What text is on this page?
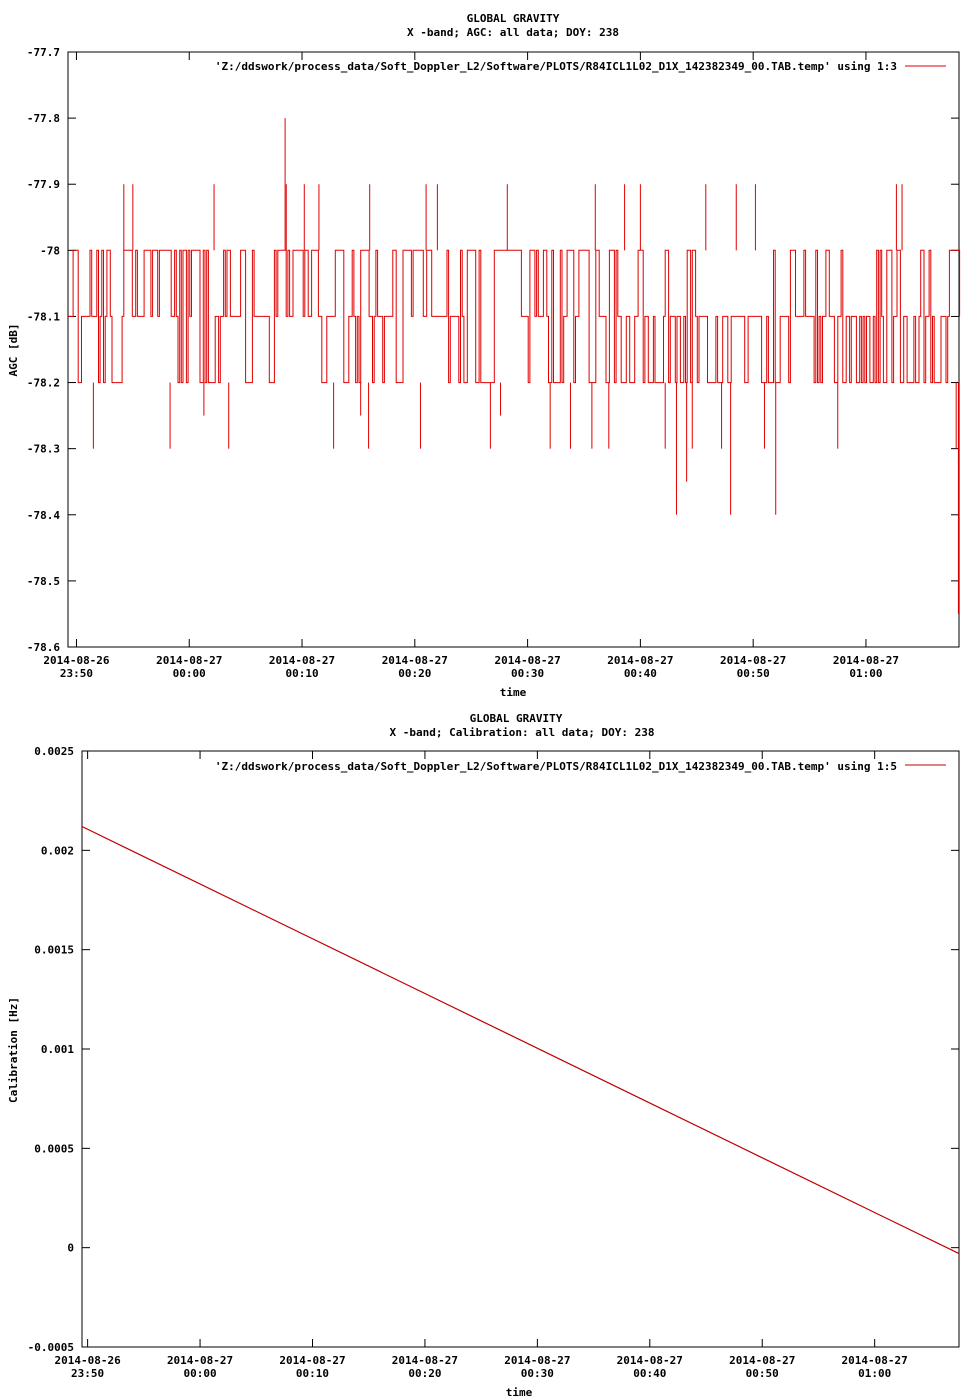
GLOBAL GRAVITY
X -band; AGC: all data; DOY: 238
-77.7
-77.8
-77.9
-78
-78.1
-78.2
-78.3
-78.4
-78.5
-78.6
2014-08-26
23:50
2014-08-27
00:00
2014-08-27
00:10
2014-08-27
00:20
2014-08-27
00:30
2014-08-27
00:40
2014-08-27
00:50
2014-08-27
01:00
'Z:/ddswork/process_data/Soft_Doppler_L2/Software/PLOTS/R84ICL1L02_D1X_142382349_00.TAB.temp' using 1:3
AGC [dB]
time
GLOBAL GRAVITY
X -band; Calibration: all data; DOY: 238
0.0025
0.002
0.0015
0.001
0.0005
0
-0.0005
2014-08-26
23:50
2014-08-27
00:00
2014-08-27
00:10
2014-08-27
00:20
2014-08-27
00:30
2014-08-27
00:40
2014-08-27
00:50
2014-08-27
01:00
'Z:/ddswork/process_data/Soft_Doppler_L2/Software/PLOTS/R84ICL1L02_D1X_142382349_00.TAB.temp' using 1:5
Calibration [Hz]
time
